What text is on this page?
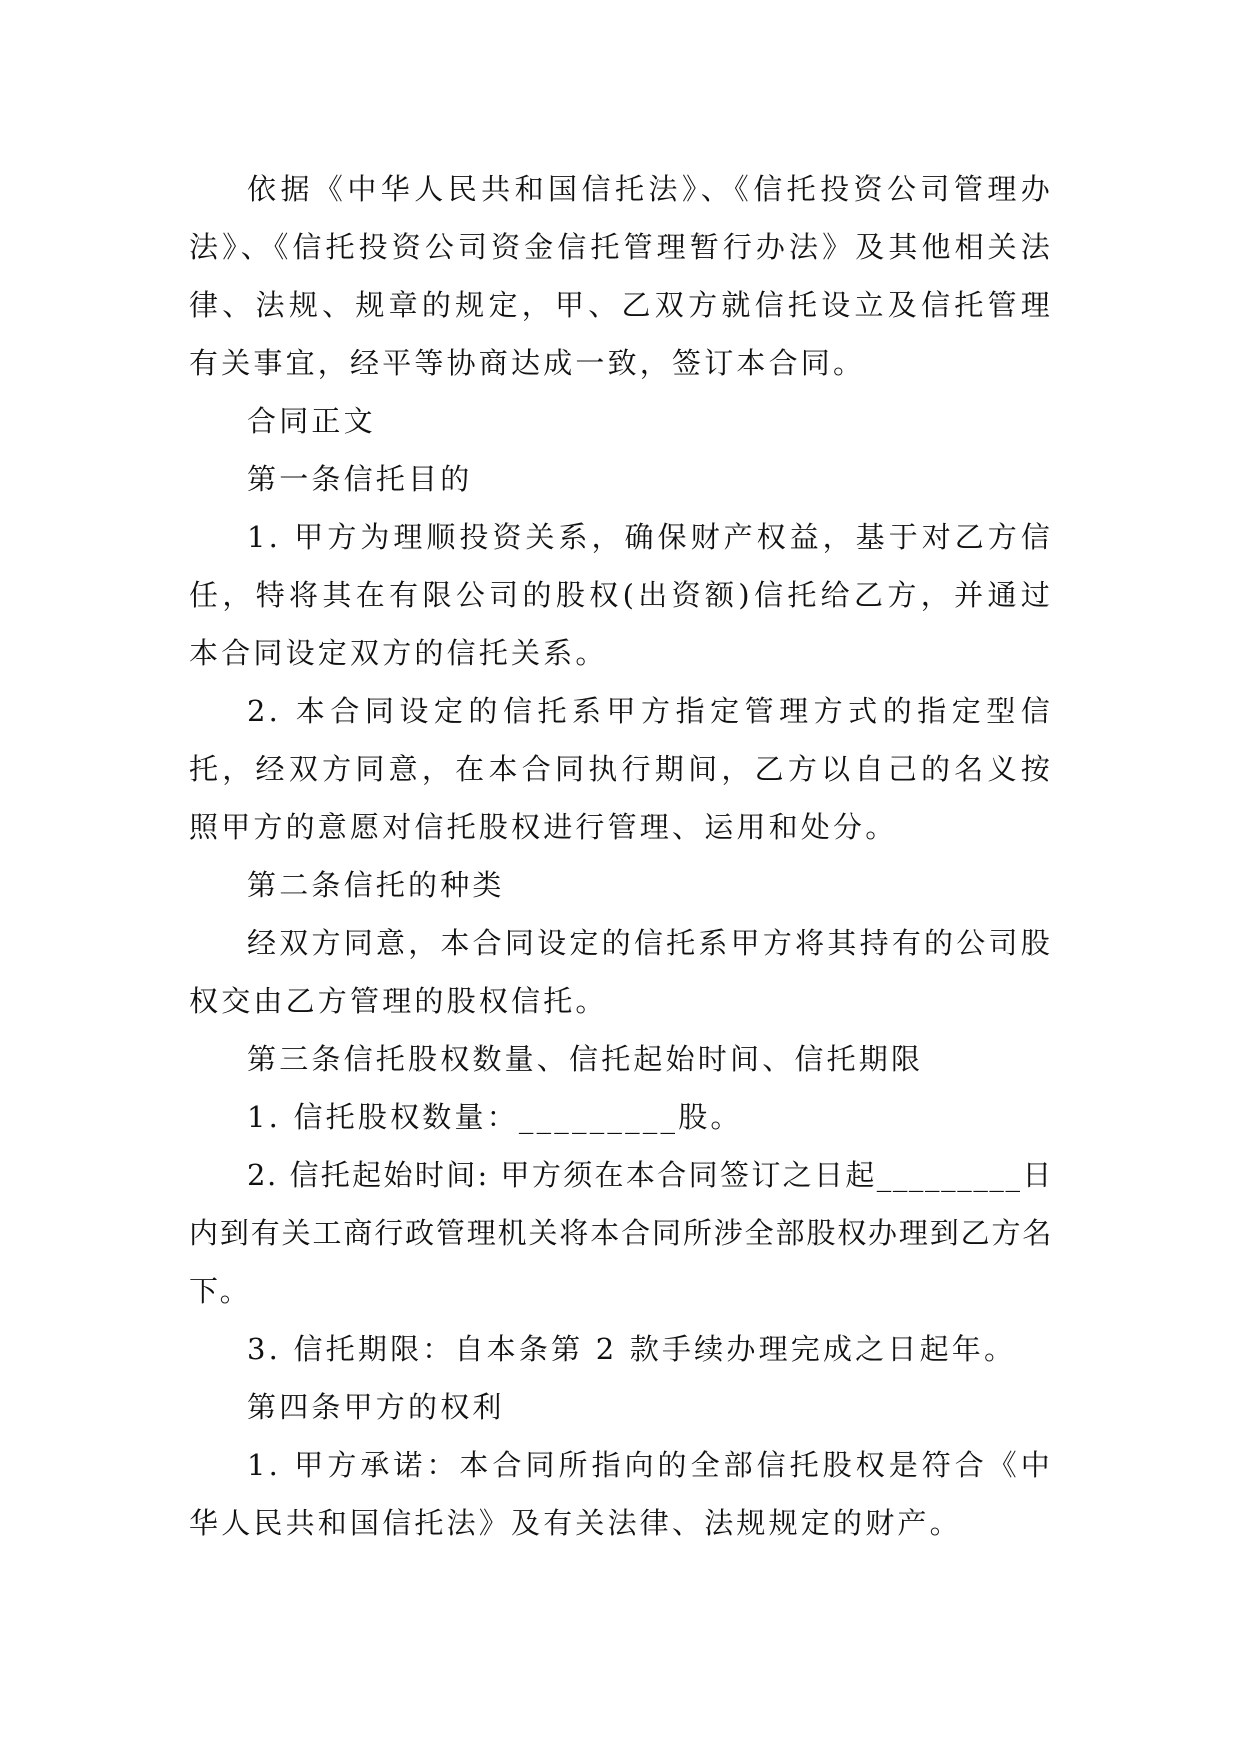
依据《中华人民共和国信托法》、《信托投资公司管理办法》、《信托投资公司资金信托管理暂行办法》及其他相关法律、法规、规章的规定，甲、乙双方就信托设立及信托管理有关事宜，经平等协商达成一致，签订本合同。

合同正文

第一条信托目的

1. 甲方为理顺投资关系，确保财产权益，基于对乙方信任，特将其在有限公司的股权(出资额)信托给乙方，并通过本合同设定双方的信托关系。

2. 本合同设定的信托系甲方指定管理方式的指定型信托，经双方同意，在本合同执行期间，乙方以自己的名义按照甲方的意愿对信托股权进行管理、运用和处分。

第二条信托的种类

经双方同意，本合同设定的信托系甲方将其持有的公司股权交由乙方管理的股权信托。

第三条信托股权数量、信托起始时间、信托期限

1. 信托股权数量：_________股。

2. 信托起始时间: 甲方须在本合同签订之日起_________日内到有关工商行政管理机关将本合同所涉全部股权办理到乙方名下。

3. 信托期限：自本条第 2 款手续办理完成之日起年。

第四条甲方的权利

1. 甲方承诺：本合同所指向的全部信托股权是符合《中华人民共和国信托法》及有关法律、法规规定的财产。
